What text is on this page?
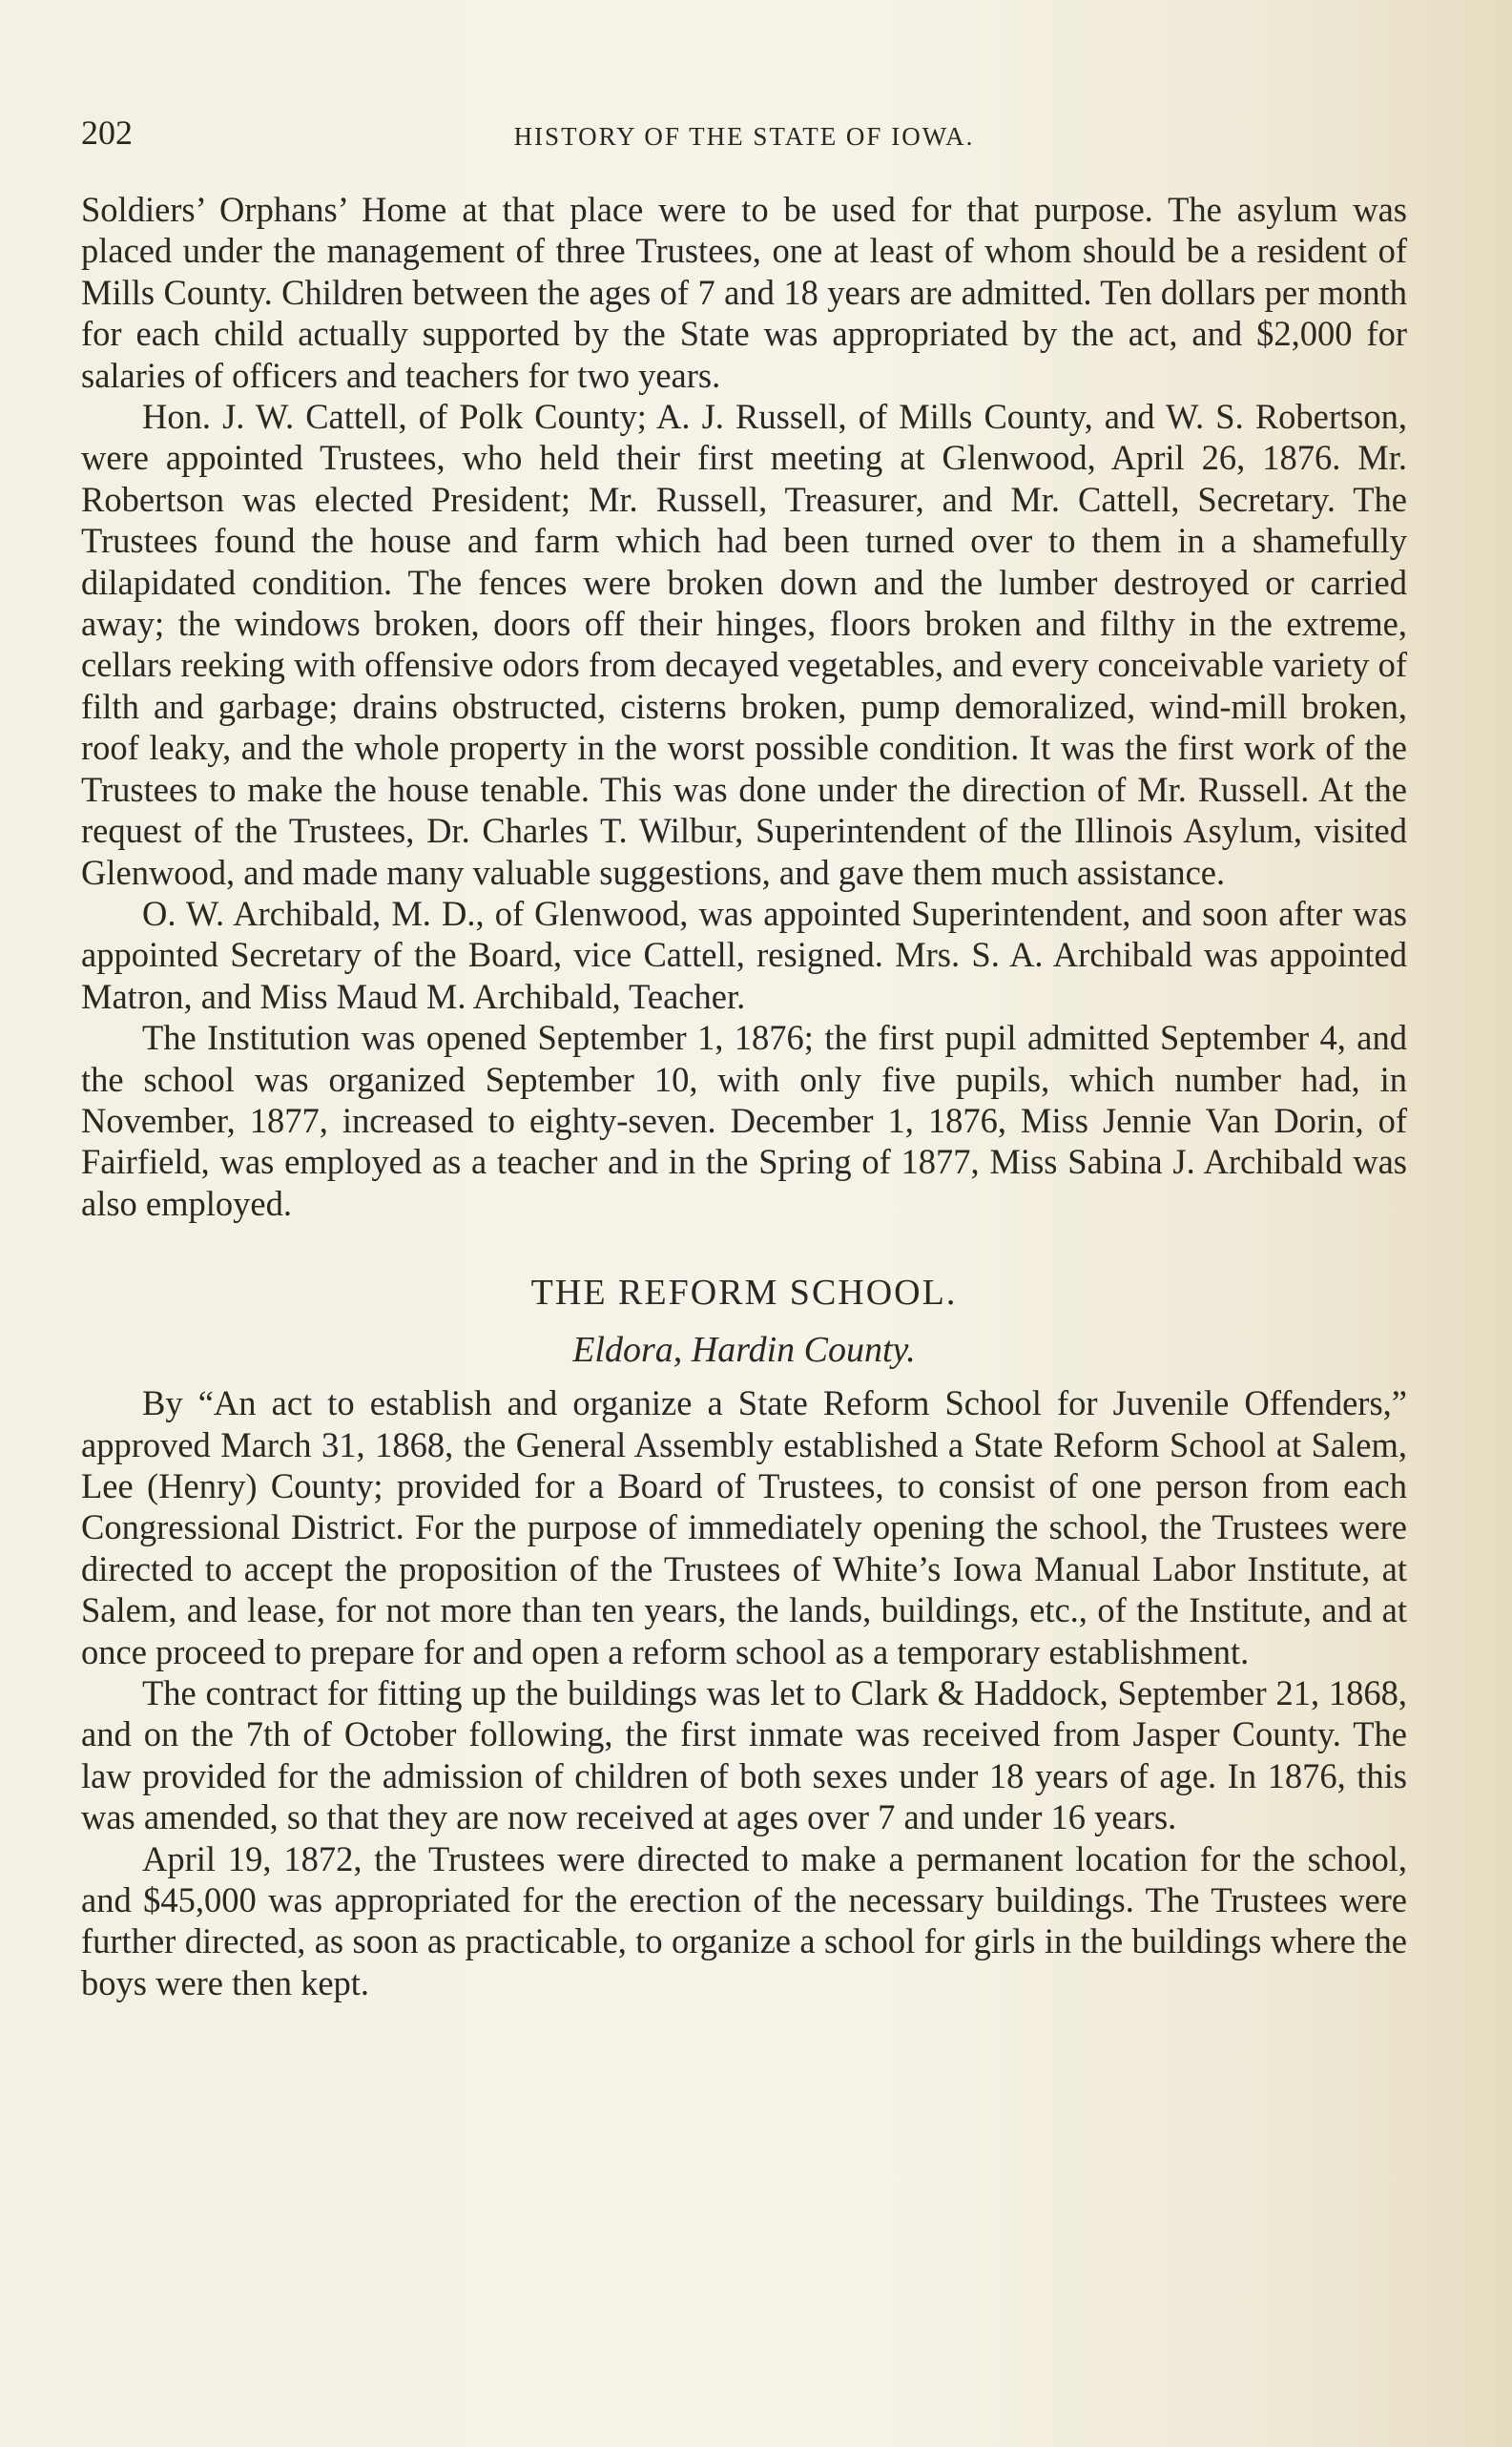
202	HISTORY OF THE STATE OF IOWA.

Soldiers’ Orphans’ Home at that place were to be used for that purpose. The asylum was placed under the management of three Trustees, one at least of whom should be a resident of Mills County. Children between the ages of 7 and 18 years are admitted. Ten dollars per month for each child actually supported by the State was appropriated by the act, and $2,000 for salaries of officers and teachers for two years.

Hon. J. W. Cattell, of Polk County; A. J. Russell, of Mills County, and W. S. Robertson, were appointed Trustees, who held their first meeting at Glenwood, April 26, 1876. Mr. Robertson was elected President; Mr. Russell, Treasurer, and Mr. Cattell, Secretary. The Trustees found the house and farm which had been turned over to them in a shamefully dilapidated condition. The fences were broken down and the lumber destroyed or carried away; the windows broken, doors off their hinges, floors broken and filthy in the extreme, cellars reeking with offensive odors from decayed vegetables, and every conceivable variety of filth and garbage; drains obstructed, cisterns broken, pump demoralized, wind-mill broken, roof leaky, and the whole property in the worst possible condition. It was the first work of the Trustees to make the house tenable. This was done under the direction of Mr. Russell. At the request of the Trustees, Dr. Charles T. Wilbur, Superintendent of the Illinois Asylum, visited Glenwood, and made many valuable suggestions, and gave them much assistance.

O. W. Archibald, M. D., of Glenwood, was appointed Superintendent, and soon after was appointed Secretary of the Board, vice Cattell, resigned. Mrs. S. A. Archibald was appointed Matron, and Miss Maud M. Archibald, Teacher.

The Institution was opened September 1, 1876; the first pupil admitted September 4, and the school was organized September 10, with only five pupils, which number had, in November, 1877, increased to eighty-seven. December 1, 1876, Miss Jennie Van Dorin, of Fairfield, was employed as a teacher and in the Spring of 1877, Miss Sabina J. Archibald was also employed.

THE REFORM SCHOOL.

Eldora, Hardin County.

By “An act to establish and organize a State Reform School for Juvenile Offenders,” approved March 31, 1868, the General Assembly established a State Reform School at Salem, Lee (Henry) County; provided for a Board of Trustees, to consist of one person from each Congressional District. For the purpose of immediately opening the school, the Trustees were directed to accept the proposition of the Trustees of White’s Iowa Manual Labor Institute, at Salem, and lease, for not more than ten years, the lands, buildings, etc., of the Institute, and at once proceed to prepare for and open a reform school as a temporary establishment.

The contract for fitting up the buildings was let to Clark & Haddock, September 21, 1868, and on the 7th of October following, the first inmate was received from Jasper County. The law provided for the admission of children of both sexes under 18 years of age. In 1876, this was amended, so that they are now received at ages over 7 and under 16 years.

April 19, 1872, the Trustees were directed to make a permanent location for the school, and $45,000 was appropriated for the erection of the necessary buildings. The Trustees were further directed, as soon as practicable, to organize a school for girls in the buildings where the boys were then kept.
